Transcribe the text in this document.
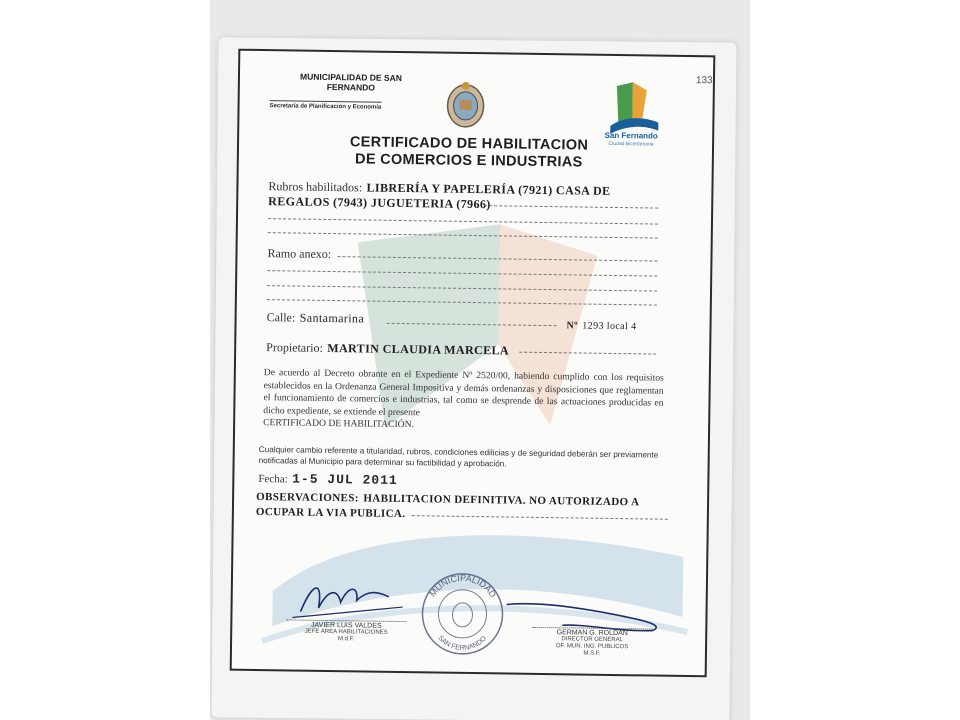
133
MUNICIPALIDAD DE SAN FERNANDO
Secretaría de Planificación y Economía
San Fernando
Ciudad Bicentenaria
CERTIFICADO DE HABILITACION
DE COMERCIOS E INDUSTRIAS
Rubros habilitados: LIBRERÍA Y PAPELERÍA (7921) CASA DE
REGALOS (7943) JUGUETERIA (7966)
Ramo anexo:
Calle: Santamarina
Nº 1293 local 4
Propietario: MARTIN CLAUDIA MARCELA
De acuerdo al Decreto obrante en el Expediente Nº 2520/00, habiendo cumplido con los requisitos establecidos en la Ordenanza General Impositiva y demás ordenanzas y disposiciones que reglamentan el funcionamiento de comercios e industrias, tal como se desprende de las actuaciones producidas en dicho expediente, se extiende el presente
CERTIFICADO DE HABILITACIÓN.
Cualquier cambio referente a titularidad, rubros, condiciones edilicias y de seguridad deberán ser previamente notificadas al Municipio para determinar su factibilidad y aprobación.
Fecha: 1-5 JUL 2011
OBSERVACIONES: HABILITACION DEFINITIVA. NO AUTORIZADO A
OCUPAR LA VIA PUBLICA.
JAVIER LUIS VALDES
JEFE AREA HABILITACIONES
M.d.F.
MUNICIPALIDAD
SAN FERNANDO
GERMAN G. ROLDAN
DIRECTOR GENERAL
OF. MUN. ING. PUBLICOS
M.S.F.
